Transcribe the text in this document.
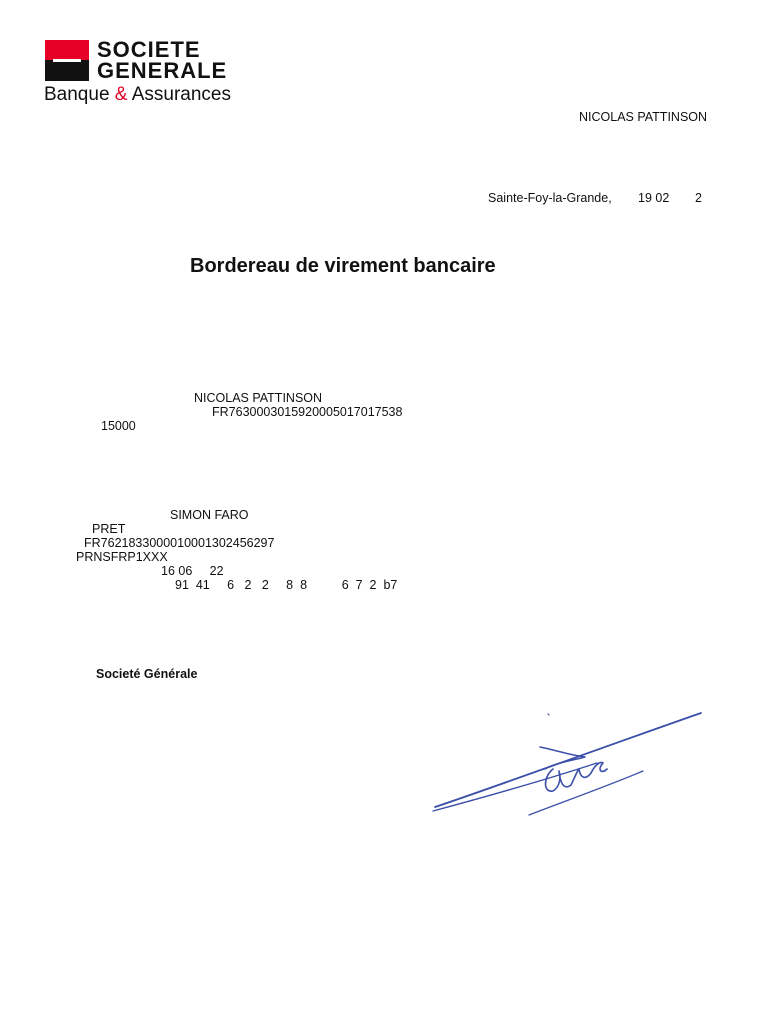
SOCIETE
GENERALE
Banque & Assurances
NICOLAS PATTINSON
Sainte-Foy-la-Grande, 19 02 2
Bordereau de virement bancaire
NICOLAS PATTINSON
FR7630003015920005017017538
15000
SIMON FARO
PRET
FR7621833000010001302456297
PRNSFRP1XXX
16 06     22
91  41     6   2   2     8  8          6  7  2  b7
Societé Générale
